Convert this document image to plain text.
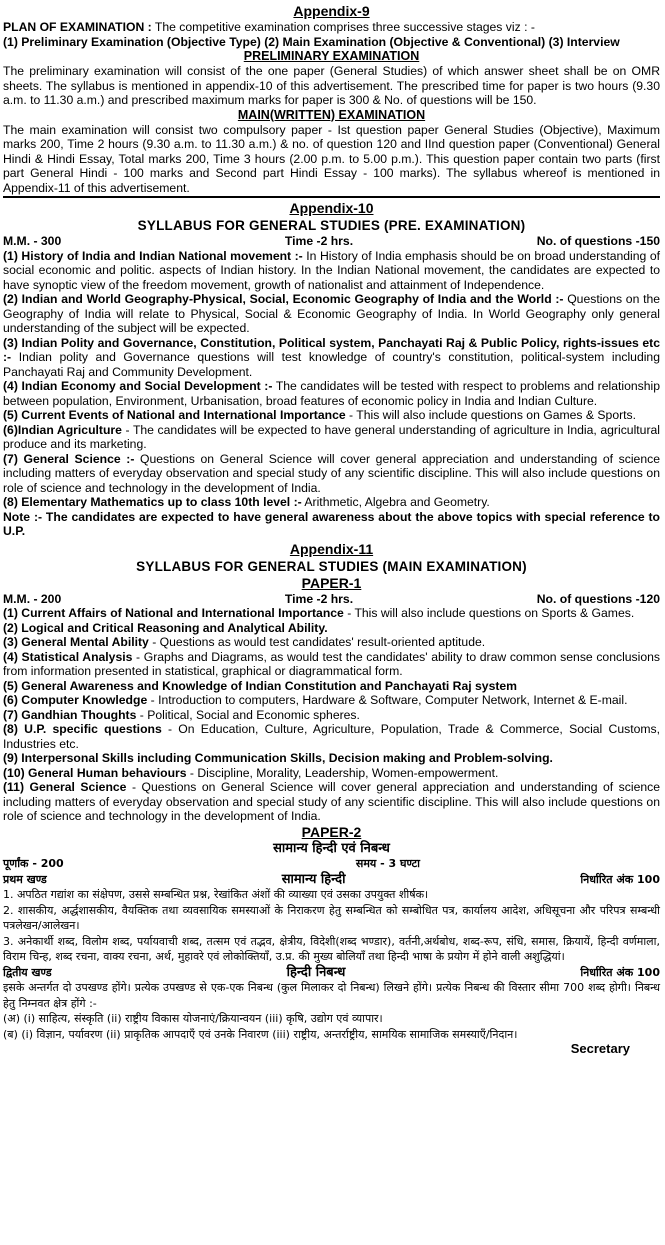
Appendix-9

PLAN OF EXAMINATION : The competitive examination comprises three successive stages viz : -

(1) Preliminary Examination (Objective Type) (2) Main Examination (Objective & Conventional) (3) Interview

PRELIMINARY EXAMINATION

The preliminary examination will consist of the one paper (General Studies) of which answer sheet shall be on OMR sheets. The syllabus is mentioned in appendix-10 of this advertisement. The prescribed time for paper is two hours (9.30 a.m. to 11.30 a.m.) and prescribed maximum marks for paper is 300 & No. of questions will be 150.

MAIN(WRITTEN) EXAMINATION

The main examination will consist two compulsory paper - Ist question paper General Studies (Objective), Maximum marks 200, Time 2 hours (9.30 a.m. to 11.30 a.m.) & no. of question 120 and IInd question paper (Conventional) General Hindi & Hindi Essay, Total marks 200, Time 3 hours (2.00 p.m. to 5.00 p.m.). This question paper contain two parts (first part General Hindi - 100 marks and Second part Hindi Essay - 100 marks). The syllabus whereof is mentioned in Appendix-11 of this advertisement.

Appendix-10
SYLLABUS FOR GENERAL STUDIES (PRE. EXAMINATION)
M.M. - 300	Time -2 hrs.	No. of questions -150

(1) History of India and Indian National movement :- In History of India emphasis should be on broad understanding of social economic and politic. aspects of Indian history. In the Indian National movement, the candidates are expected to have synoptic view of the freedom movement, growth of nationalist and attainment of Independence.

(2) Indian and World Geography-Physical, Social, Economic Geography of India and the World :- Questions on the Geography of India will relate to Physical, Social & Economic Geography of India. In World Geography only general understanding of the subject will be expected.

(3) Indian Polity and Governance, Constitution, Political system, Panchayati Raj & Public Policy, rights-issues etc :- Indian polity and Governance questions will test knowledge of country's constitution, political-system including Panchayati Raj and Community Development.

(4) Indian Economy and Social Development :- The candidates will be tested with respect to problems and relationship between population, Environment, Urbanisation, broad features of economic policy in India and Indian Culture.

(5) Current Events of National and International Importance - This will also include questions on Games & Sports.

(6)Indian Agriculture - The candidates will be expected to have general understanding of agriculture in India, agricultural produce and its marketing.

(7) General Science :- Questions on General Science will cover general appreciation and understanding of science including matters of everyday observation and special study of any scientific discipline. This will also include questions on role of science and technology in the development of India.

(8) Elementary Mathematics up to class 10th level :- Arithmetic, Algebra and Geometry.

Note :- The candidates are expected to have general awareness about the above topics with special reference to U.P.

Appendix-11
SYLLABUS FOR GENERAL STUDIES (MAIN EXAMINATION)
PAPER-1
M.M. - 200	Time -2 hrs.	No. of questions -120

(1) Current Affairs of National and International Importance - This will also include questions on Sports & Games.

(2) Logical and Critical Reasoning and Analytical Ability.

(3) General Mental Ability - Questions as would test candidates' result-oriented aptitude.

(4) Statistical Analysis - Graphs and Diagrams, as would test the candidates' ability to draw common sense conclusions from information presented in statistical, graphical or diagrammatical form.

(5) General Awareness and Knowledge of Indian Constitution and Panchayati Raj system

(6) Computer Knowledge - Introduction to computers, Hardware & Software, Computer Network, Internet & E-mail.

(7) Gandhian Thoughts - Political, Social and Economic spheres.

(8) U.P. specific questions - On Education, Culture, Agriculture, Population, Trade & Commerce, Social Customs, Industries etc.

(9) Interpersonal Skills including Communication Skills, Decision making and Problem-solving.

(10) General Human behaviours - Discipline, Morality, Leadership, Women-empowerment.

(11) General Science - Questions on General Science will cover general appreciation and understanding of science including matters of everyday observation and special study of any scientific discipline. This will also include questions on role of science and technology in the development of India.

PAPER-2
सामान्य हिन्दी एवं निबन्ध
पूर्णांक - 200	समय - 3 घण्टा
प्रथम खण्ड	सामान्य हिन्दी	निर्धारित अंक 100

1. अपठित गद्यांश का संक्षेपण, उससे सम्बन्धित प्रश्न, रेखांकित अंशों की व्याख्या एवं उसका उपयुक्त शीर्षक।

2. शासकीय, अर्द्धशासकीय, वैयक्तिक तथा व्यवसायिक समस्याओं के निराकरण हेतु सम्बन्धित को सम्बोधित पत्र, कार्यालय आदेश, अधिसूचना और परिपत्र सम्बन्धी पत्रलेखन/आलेखन।

3. अनेकार्थी शब्द, विलोम शब्द, पर्यायवाची शब्द, तत्सम एवं तद्भव, क्षेत्रीय, विदेशी(शब्द भण्डार), वर्तनी,अर्थबोध, शब्द-रूप, संधि, समास, क्रियायें, हिन्दी वर्णमाला, विराम चिन्ह, शब्द रचना, वाक्य रचना, अर्थ, मुहावरे एवं लोकोक्तियाँ, उ.प्र. की मुख्य बोलियाँ तथा हिन्दी भाषा के प्रयोग में होने वाली अशुद्धियां।

द्वितीय खण्ड	हिन्दी निबन्ध	निर्धारित अंक 100

इसके अन्तर्गत दो उपखण्ड होंगे। प्रत्येक उपखण्ड से एक-एक निबन्ध (कुल मिलाकर दो निबन्ध) लिखने होंगे। प्रत्येक निबन्ध की विस्तार सीमा 700 शब्द होगी। निबन्ध हेतु निम्नवत क्षेत्र होंगे :-

(अ) (i) साहित्य, संस्कृति (ii) राष्ट्रीय विकास योजनाएं/क्रियान्वयन (iii) कृषि, उद्योग एवं व्यापार।

(ब) (i) विज्ञान, पर्यावरण (ii) प्राकृतिक आपदाएँ एवं उनके निवारण (iii) राष्ट्रीय, अन्तर्राष्ट्रीय, सामयिक सामाजिक समस्याएँ/निदान।

Secretary
